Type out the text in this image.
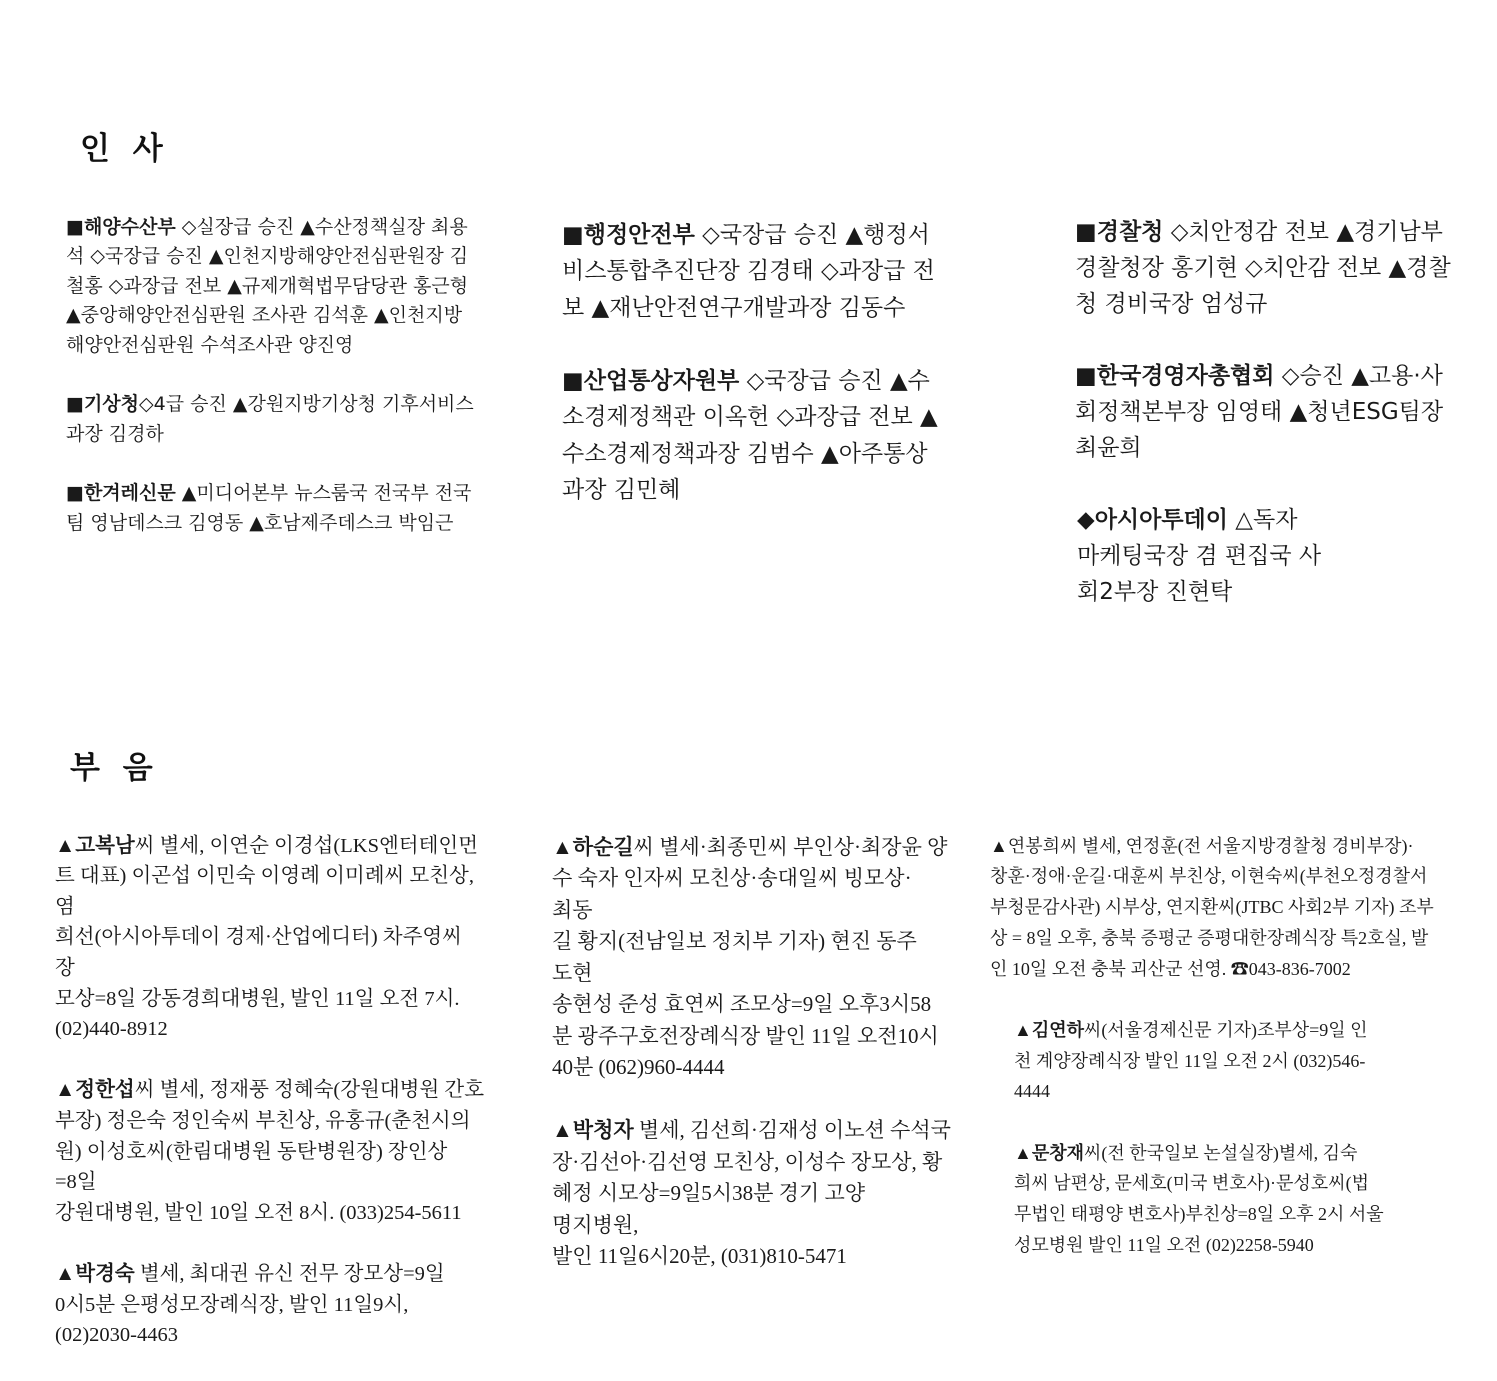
인 사

■해양수산부 ◇실장급 승진 ▲수산정책실장 최용
석 ◇국장급 승진 ▲인천지방해양안전심판원장 김
철홍 ◇과장급 전보 ▲규제개혁법무담당관 홍근형
▲중앙해양안전심판원 조사관 김석훈 ▲인천지방
해양안전심판원 수석조사관 양진영

■기상청◇4급 승진 ▲강원지방기상청 기후서비스
과장 김경하

■한겨레신문 ▲미디어본부 뉴스룸국 전국부 전국
팀 영남데스크 김영동 ▲호남제주데스크 박임근

■행정안전부 ◇국장급 승진 ▲행정서
비스통합추진단장 김경태 ◇과장급 전
보 ▲재난안전연구개발과장 김동수

■산업통상자원부 ◇국장급 승진 ▲수
소경제정책관 이옥헌 ◇과장급 전보 ▲
수소경제정책과장 김범수 ▲아주통상
과장 김민혜

■경찰청 ◇치안정감 전보 ▲경기남부
경찰청장 홍기현 ◇치안감 전보 ▲경찰
청 경비국장 엄성규

■한국경영자총협회 ◇승진 ▲고용·사
회정책본부장 임영태 ▲청년ESG팀장
최윤희

◆아시아투데이 △독자
마케팅국장 겸 편집국 사
회2부장 진현탁

부 음

▲고복남씨 별세, 이연순 이경섭(LKS엔터테인먼
트 대표) 이곤섭 이민숙 이영례 이미례씨 모친상, 염
희선(아시아투데이 경제·산업에디터) 차주영씨 장
모상=8일 강동경희대병원, 발인 11일 오전 7시.
(02)440-8912

▲정한섭씨 별세, 정재풍 정혜숙(강원대병원 간호
부장) 정은숙 정인숙씨 부친상, 유홍규(춘천시의
원) 이성호씨(한림대병원 동탄병원장) 장인상=8일
강원대병원, 발인 10일 오전 8시. (033)254-5611

▲박경숙 별세, 최대권 유신 전무 장모상=9일
0시5분 은평성모장례식장, 발인 11일9시,
(02)2030-4463

▲하순길씨 별세·최종민씨 부인상·최장윤 양
수 숙자 인자씨 모친상·송대일씨 빙모상·최동
길 황지(전남일보 정치부 기자) 현진 동주 도현
송현성 준성 효연씨 조모상=9일 오후3시58
분 광주구호전장례식장 발인 11일 오전10시
40분 (062)960-4444

▲박청자 별세, 김선희·김재성 이노션 수석국
장·김선아·김선영 모친상, 이성수 장모상, 황
혜정 시모상=9일5시38분 경기 고양 명지병원,
발인 11일6시20분, (031)810-5471

▲연봉희씨 별세, 연정훈(전 서울지방경찰청 경비부장)·
창훈·정애·운길·대훈씨 부친상, 이현숙씨(부천오정경찰서
부청문감사관) 시부상, 연지환씨(JTBC 사회2부 기자) 조부
상 = 8일 오후, 충북 증평군 증평대한장례식장 특2호실, 발
인 10일 오전 충북 괴산군 선영. ☎043-836-7002

▲김연하씨(서울경제신문 기자)조부상=9일 인
천 계양장례식장 발인 11일 오전 2시 (032)546-
4444

▲문창재씨(전 한국일보 논설실장)별세, 김숙
희씨 남편상, 문세호(미국 변호사)·문성호씨(법
무법인 태평양 변호사)부친상=8일 오후 2시 서울
성모병원 발인 11일 오전 (02)2258-5940
